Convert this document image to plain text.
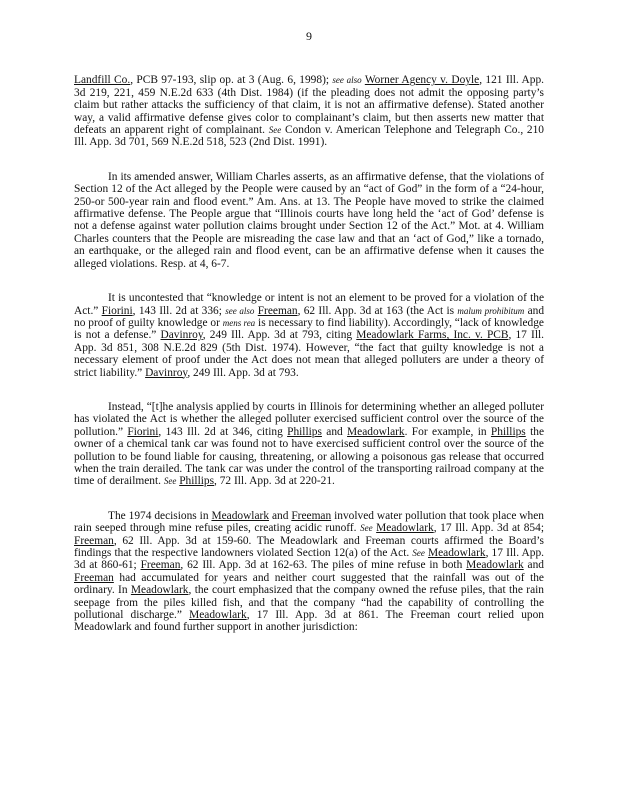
9

Landfill Co., PCB 97-193, slip op. at 3 (Aug. 6, 1998); see also Worner Agency v. Doyle, 121 Ill. App. 3d 219, 221, 459 N.E.2d 633 (4th Dist. 1984) (if the pleading does not admit the opposing party’s claim but rather attacks the sufficiency of that claim, it is not an affirmative defense). Stated another way, a valid affirmative defense gives color to complainant’s claim, but then asserts new matter that defeats an apparent right of complainant. See Condon v. American Telephone and Telegraph Co., 210 Ill. App. 3d 701, 569 N.E.2d 518, 523 (2nd Dist. 1991).

In its amended answer, William Charles asserts, as an affirmative defense, that the violations of Section 12 of the Act alleged by the People were caused by an “act of God” in the form of a “24-hour, 250-or 500-year rain and flood event.” Am. Ans. at 13. The People have moved to strike the claimed affirmative defense. The People argue that “Illinois courts have long held the ‘act of God’ defense is not a defense against water pollution claims brought under Section 12 of the Act.” Mot. at 4. William Charles counters that the People are misreading the case law and that an ‘act of God,” like a tornado, an earthquake, or the alleged rain and flood event, can be an affirmative defense when it causes the alleged violations. Resp. at 4, 6-7.

It is uncontested that “knowledge or intent is not an element to be proved for a violation of the Act.” Fiorini, 143 Ill. 2d at 336; see also Freeman, 62 Ill. App. 3d at 163 (the Act is malum prohibitum and no proof of guilty knowledge or mens rea is necessary to find liability). Accordingly, “lack of knowledge is not a defense.” Davinroy, 249 Ill. App. 3d at 793, citing Meadowlark Farms, Inc. v. PCB, 17 Ill. App. 3d 851, 308 N.E.2d 829 (5th Dist. 1974). However, “the fact that guilty knowledge is not a necessary element of proof under the Act does not mean that alleged polluters are under a theory of strict liability.” Davinroy, 249 Ill. App. 3d at 793.

Instead, “[t]he analysis applied by courts in Illinois for determining whether an alleged polluter has violated the Act is whether the alleged polluter exercised sufficient control over the source of the pollution.” Fiorini, 143 Ill. 2d at 346, citing Phillips and Meadowlark. For example, in Phillips the owner of a chemical tank car was found not to have exercised sufficient control over the source of the pollution to be found liable for causing, threatening, or allowing a poisonous gas release that occurred when the train derailed. The tank car was under the control of the transporting railroad company at the time of derailment. See Phillips, 72 Ill. App. 3d at 220-21.

The 1974 decisions in Meadowlark and Freeman involved water pollution that took place when rain seeped through mine refuse piles, creating acidic runoff. See Meadowlark, 17 Ill. App. 3d at 854; Freeman, 62 Ill. App. 3d at 159-60. The Meadowlark and Freeman courts affirmed the Board’s findings that the respective landowners violated Section 12(a) of the Act. See Meadowlark, 17 Ill. App. 3d at 860-61; Freeman, 62 Ill. App. 3d at 162-63. The piles of mine refuse in both Meadowlark and Freeman had accumulated for years and neither court suggested that the rainfall was out of the ordinary. In Meadowlark, the court emphasized that the company owned the refuse piles, that the rain seepage from the piles killed fish, and that the company “had the capability of controlling the pollutional discharge.” Meadowlark, 17 Ill. App. 3d at 861. The Freeman court relied upon Meadowlark and found further support in another jurisdiction:
